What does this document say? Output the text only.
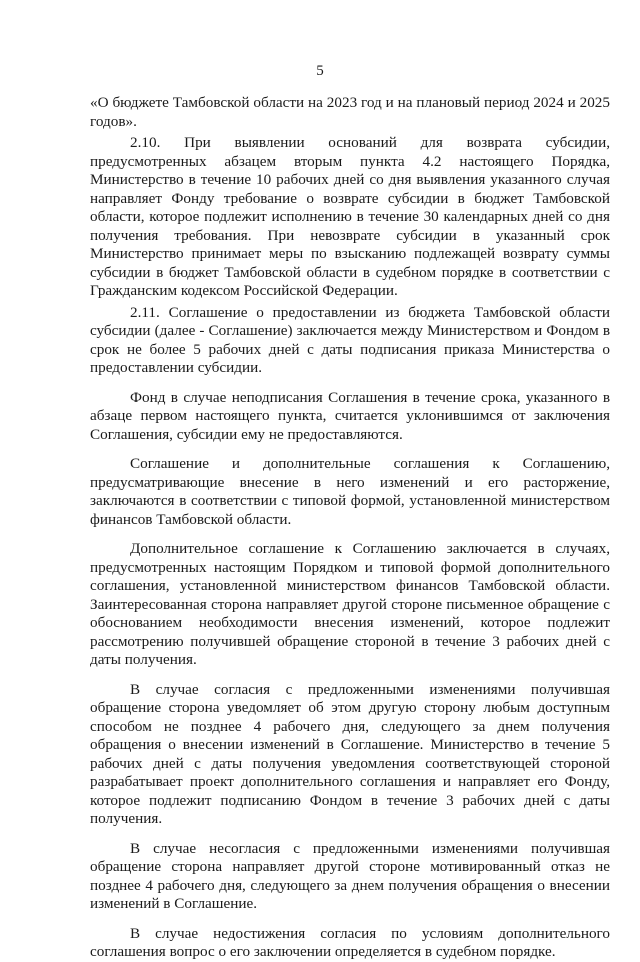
5

«О бюджете Тамбовской области на 2023 год и на плановый период 2024 и 2025 годов».

2.10. При выявлении оснований для возврата субсидии, предусмотренных абзацем вторым пункта 4.2 настоящего Порядка, Министерство в течение 10 рабочих дней со дня выявления указанного случая направляет Фонду требование о возврате субсидии в бюджет Тамбовской области, которое подлежит исполнению в течение 30 календарных дней со дня получения требования. При невозврате субсидии в указанный срок Министерство принимает меры по взысканию подлежащей возврату суммы субсидии в бюджет Тамбовской области в судебном порядке в соответствии с Гражданским кодексом Российской Федерации.

2.11. Соглашение о предоставлении из бюджета Тамбовской области субсидии (далее - Соглашение) заключается между Министерством и Фондом в срок не более 5 рабочих дней с даты подписания приказа Министерства о предоставлении субсидии.

Фонд в случае неподписания Соглашения в течение срока, указанного в абзаце первом настоящего пункта, считается уклонившимся от заключения Соглашения, субсидии ему не предоставляются.

Соглашение и дополнительные соглашения к Соглашению, предусматривающие внесение в него изменений и его расторжение, заключаются в соответствии с типовой формой, установленной министерством финансов Тамбовской области.

Дополнительное соглашение к Соглашению заключается в случаях, предусмотренных настоящим Порядком и типовой формой дополнительного соглашения, установленной министерством финансов Тамбовской области. Заинтересованная сторона направляет другой стороне письменное обращение с обоснованием необходимости внесения изменений, которое подлежит рассмотрению получившей обращение стороной в течение 3 рабочих дней с даты получения.

В случае согласия с предложенными изменениями получившая обращение сторона уведомляет об этом другую сторону любым доступным способом не позднее 4 рабочего дня, следующего за днем получения обращения о внесении изменений в Соглашение. Министерство в течение 5 рабочих дней с даты получения уведомления соответствующей стороной разрабатывает проект дополнительного соглашения и направляет его Фонду, которое подлежит подписанию Фондом в течение 3 рабочих дней с даты получения.

В случае несогласия с предложенными изменениями получившая обращение сторона направляет другой стороне мотивированный отказ не позднее 4 рабочего дня, следующего за днем получения обращения о внесении изменений в Соглашение.

В случае недостижения согласия по условиям дополнительного соглашения вопрос о его заключении определяется в судебном порядке.
